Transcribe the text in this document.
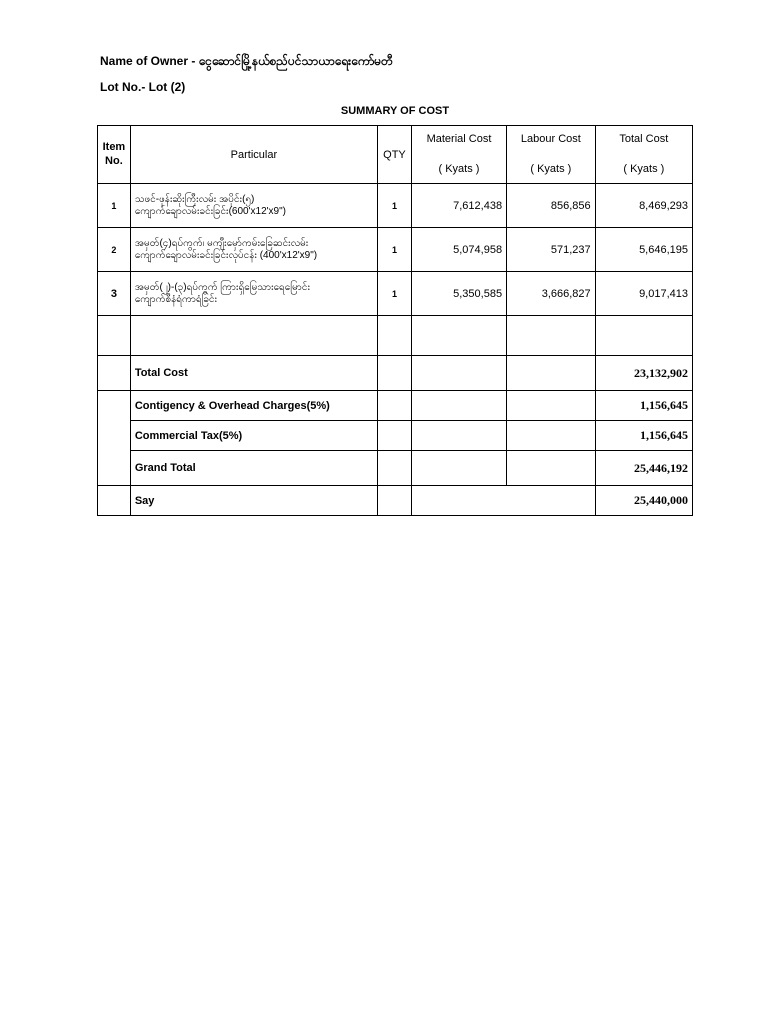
Name of Owner - ငွေဆောင်မြို့နယ်စည်ပင်သာယာရေးကော်မတီ
Lot No.- Lot (2)
SUMMARY OF COST
Item
No.	Particular	QTY	Material Cost
( Kyats )	Labour Cost
( Kyats )	Total Cost
( Kyats )

1	သဖင်-ဖုန်းဆိုးကြီးလမ်း အပိုင်း(၅)
ကျောက်ချောလမ်းခင်းခြင်း(600'x12'x9")	1	7,612,438	856,856	8,469,293
2	အမှတ်(၄)ရပ်ကွက်၊ မကျီးမှော်ကမ်းခြေဆင်းလမ်း
ကျောက်ချောလမ်းခင်းခြင်းလုပ်ငန်း (400'x12'x9")	1	5,074,958	571,237	5,646,195
3	အမှတ်(၂)-(၃)ရပ်ကွက် ကြားရှိမြေသားရေမြောင်း
ကျောက်စီနံရံကာရံခြင်း	1	5,350,585	3,666,827	9,017,413

	Total Cost				23,132,902
	Contigency & Overhead Charges(5%)				1,156,645
	Commercial Tax(5%)				1,156,645
	Grand Total				25,446,192
	Say				25,440,000
